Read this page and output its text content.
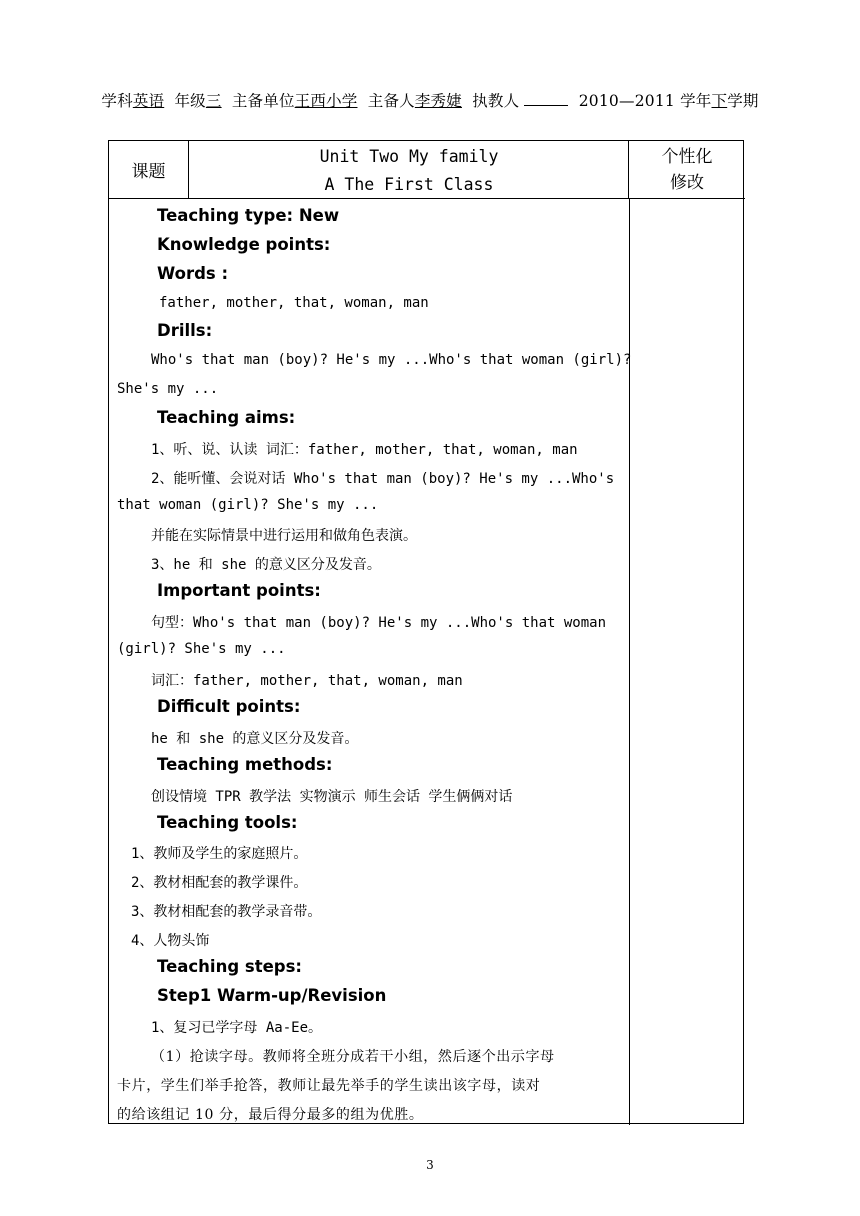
学科英语 年级三 主备单位王西小学 主备人李秀婕 执教人	2010—2011 学年下学期
课题
Unit Two My family
A The First Class
个性化
修改
Teaching type: New
Knowledge points:
Words :
father, mother, that, woman, man
Drills:
Who's that man (boy)? He's my ...Who's that woman (girl)?
She's my ...
Teaching aims:
1、听、说、认读 词汇：father, mother, that, woman, man
2、能听懂、会说对话 Who's that man (boy)? He's my ...Who's
that woman (girl)? She's my ...
并能在实际情景中进行运用和做角色表演。
3、he 和 she 的意义区分及发音。
Important points:
句型：Who's that man (boy)? He's my ...Who's that woman
(girl)? She's my ...
词汇：father, mother, that, woman, man
Difficult points:
he 和 she 的意义区分及发音。
Teaching methods:
创设情境 TPR 教学法 实物演示 师生会话 学生俩俩对话
Teaching tools:
1、教师及学生的家庭照片。
2、教材相配套的教学课件。
3、教材相配套的教学录音带。
4、人物头饰
Teaching steps:
Step1 Warm-up/Revision
1、复习已学字母 Aa-Ee。
（1）抢读字母。教师将全班分成若干小组，然后逐个出示字母
卡片，学生们举手抢答，教师让最先举手的学生读出该字母，读对
的给该组记 10 分，最后得分最多的组为优胜。
3
